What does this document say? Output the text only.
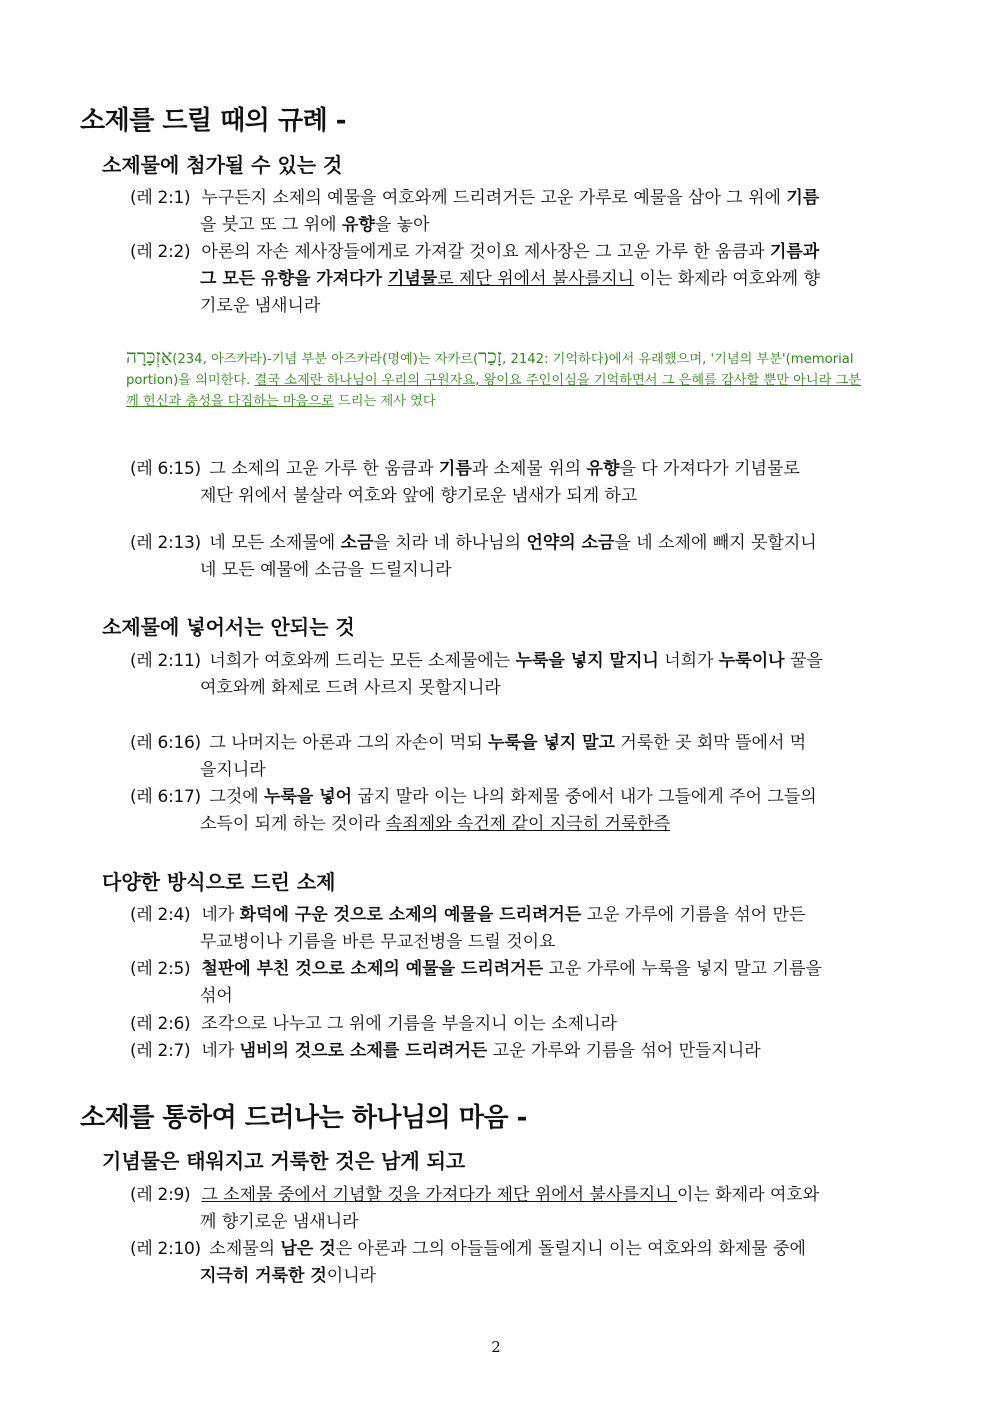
소제를 드릴 때의 규례 -
소제물에 첨가될 수 있는 것
(레 2:1) 누구든지 소제의 예물을 여호와께 드리려거든 고운 가루로 예물을 삼아 그 위에 기름
을 붓고 또 그 위에 유향을 놓아
(레 2:2) 아론의 자손 제사장들에게로 가져갈 것이요 제사장은 그 고운 가루 한 움큼과 기름과
그 모든 유향을 가져다가 기념물로 제단 위에서 불사를지니 이는 화제라 여호와께 향
기로운 냄새니라
אַזְכָּרָה(234, 아즈카라)-기념 부분 아즈카라(명예)는 자카르(זָכַר, 2142: 기억하다)에서 유래했으며, '기념의 부분'(memorial portion)을 의미한다. 결국 소제란 하나님이 우리의 구원자요, 왕이요 주인이심을 기억하면서 그 은혜를 감사할 뿐만 아니라 그분께 헌신과 충성을 다짐하는 마음으로 드리는 제사 였다
(레 6:15) 그 소제의 고운 가루 한 움큼과 기름과 소제물 위의 유향을 다 가져다가 기념물로
제단 위에서 불살라 여호와 앞에 향기로운 냄새가 되게 하고
(레 2:13) 네 모든 소제물에 소금을 치라 네 하나님의 언약의 소금을 네 소제에 빼지 못할지니
네 모든 예물에 소금을 드릴지니라
소제물에 넣어서는 안되는 것
(레 2:11) 너희가 여호와께 드리는 모든 소제물에는 누룩을 넣지 말지니 너희가 누룩이나 꿀을
여호와께 화제로 드려 사르지 못할지니라
(레 6:16) 그 나머지는 아론과 그의 자손이 먹되 누룩을 넣지 말고 거룩한 곳 회막 뜰에서 먹
을지니라
(레 6:17) 그것에 누룩을 넣어 굽지 말라 이는 나의 화제물 중에서 내가 그들에게 주어 그들의
소득이 되게 하는 것이라 속죄제와 속건제 같이 지극히 거룩한즉
다양한 방식으로 드린 소제
(레 2:4) 네가 화덕에 구운 것으로 소제의 예물을 드리려거든 고운 가루에 기름을 섞어 만든
무교병이나 기름을 바른 무교전병을 드릴 것이요
(레 2:5) 철판에 부친 것으로 소제의 예물을 드리려거든 고운 가루에 누룩을 넣지 말고 기름을
섞어
(레 2:6) 조각으로 나누고 그 위에 기름을 부을지니 이는 소제니라
(레 2:7) 네가 냄비의 것으로 소제를 드리려거든 고운 가루와 기름을 섞어 만들지니라
소제를 통하여 드러나는 하나님의 마음 -
기념물은 태워지고 거룩한 것은 남게 되고
(레 2:9) 그 소제물 중에서 기념할 것을 가져다가 제단 위에서 불사를지니 이는 화제라 여호와
께 향기로운 냄새니라
(레 2:10) 소제물의 남은 것은 아론과 그의 아들들에게 돌릴지니 이는 여호와의 화제물 중에
지극히 거룩한 것이니라
2
